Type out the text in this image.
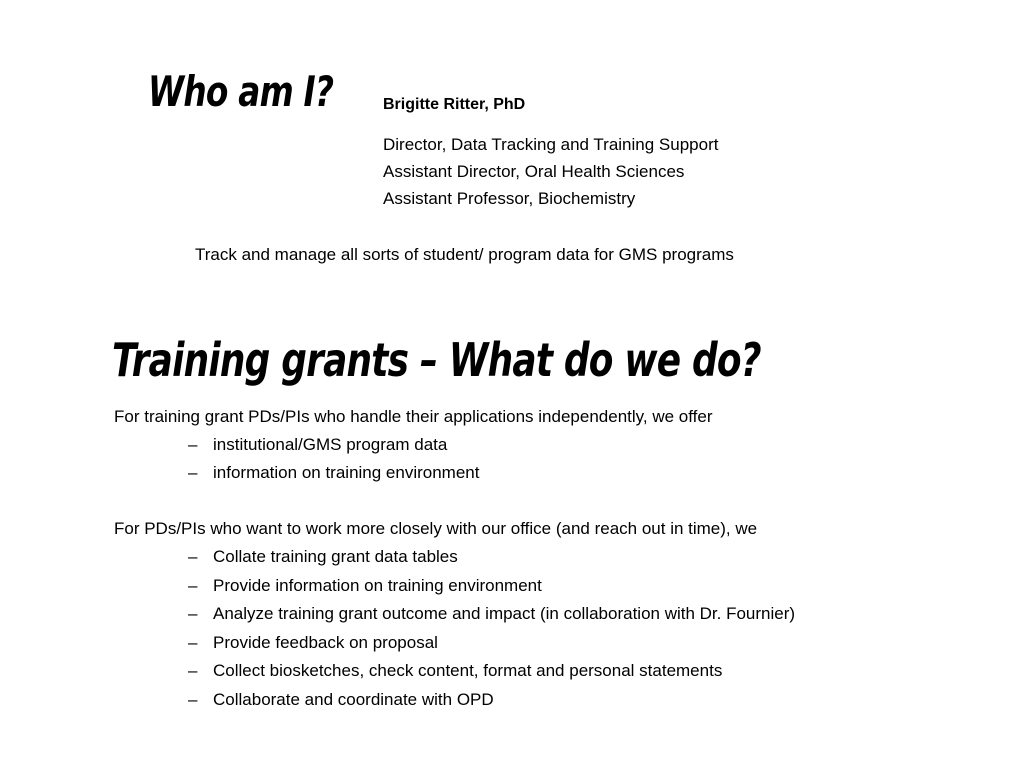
Who am I?	Brigitte Ritter, PhD
Director, Data Tracking and Training Support
Assistant Director, Oral Health Sciences
Assistant Professor, Biochemistry
Track and manage all sorts of student/ program data for GMS programs
Training grants – What do we do?
For training grant PDs/PIs who handle their applications independently, we offer
– institutional/GMS program data
– information on training environment
For PDs/PIs who want to work more closely with our office (and reach out in time), we
– Collate training grant data tables
– Provide information on training environment
– Analyze training grant outcome and impact (in collaboration with Dr. Fournier)
– Provide feedback on proposal
– Collect biosketches, check content, format and personal statements
– Collaborate and coordinate with OPD
